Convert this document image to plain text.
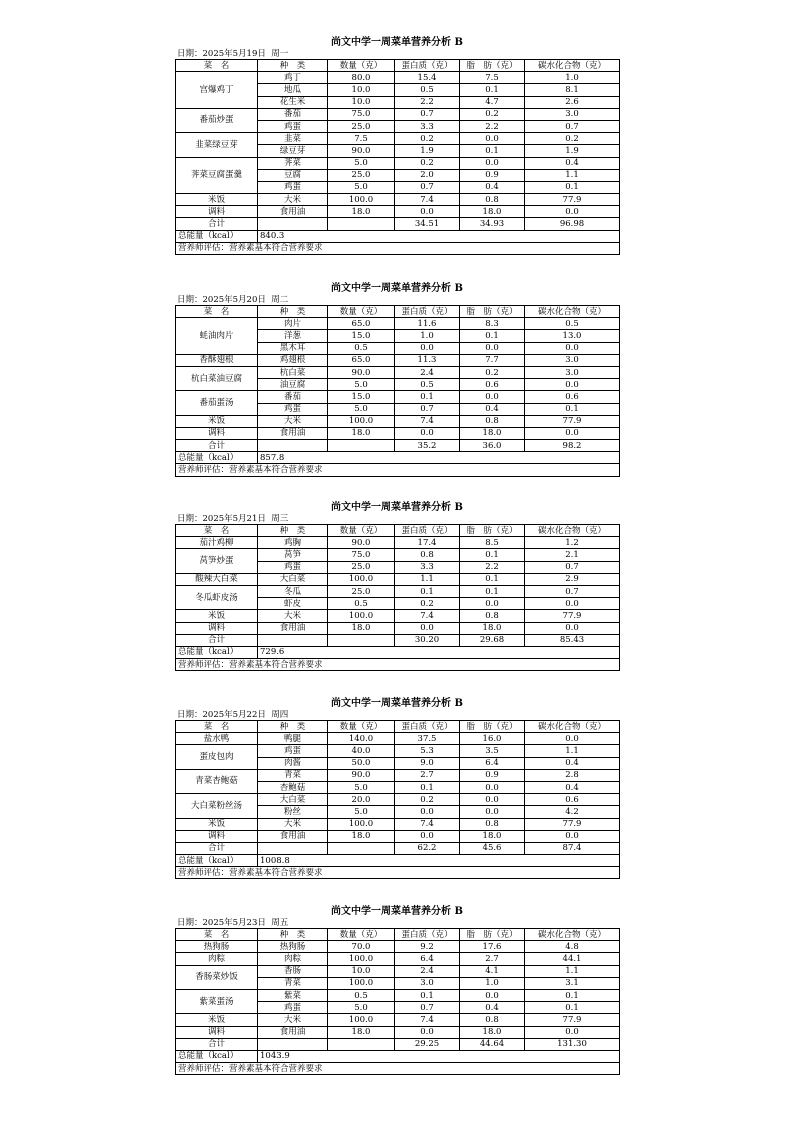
尚文中学一周菜单营养分析 B
日期：2025年5月19日  周一
菜　名	种　类	数量（克）	蛋白质（克）	脂　肪（克）	碳水化合物（克）
宫爆鸡丁	鸡丁	80.0	15.4	7.5	1.0
	地瓜	10.0	0.5	0.1	8.1
	花生米	10.0	2.2	4.7	2.6
番茄炒蛋	番茄	75.0	0.7	0.2	3.0
	鸡蛋	25.0	3.3	2.2	0.7
韭菜绿豆芽	韭菜	7.5	0.2	0.0	0.2
	绿豆芽	90.0	1.9	0.1	1.9
荠菜豆腐蛋羹	荠菜	5.0	0.2	0.0	0.4
	豆腐	25.0	2.0	0.9	1.1
	鸡蛋	5.0	0.7	0.4	0.1
米饭	大米	100.0	7.4	0.8	77.9
调料	食用油	18.0	0.0	18.0	0.0
合计			34.51	34.93	96.98
总能量（kcal）	840.3				
营养师评估：营养素基本符合营养要求					
尚文中学一周菜单营养分析 B
日期：2025年5月20日  周二
菜　名	种　类	数量（克）	蛋白质（克）	脂　肪（克）	碳水化合物（克）
蚝油肉片	肉片	65.0	11.6	8.3	0.5
	洋葱	15.0	1.0	0.1	13.0
	黑木耳	0.5	0.0	0.0	0.0
香酥翅根	鸡翅根	65.0	11.3	7.7	3.0
杭白菜油豆腐	杭白菜	90.0	2.4	0.2	3.0
	油豆腐	5.0	0.5	0.6	0.0
番茄蛋汤	番茄	15.0	0.1	0.0	0.6
	鸡蛋	5.0	0.7	0.4	0.1
米饭	大米	100.0	7.4	0.8	77.9
调料	食用油	18.0	0.0	18.0	0.0
合计			35.2	36.0	98.2
总能量（kcal）	857.8				
营养师评估：营养素基本符合营养要求					
尚文中学一周菜单营养分析 B
日期：2025年5月21日  周三
菜　名	种　类	数量（克）	蛋白质（克）	脂　肪（克）	碳水化合物（克）
茄汁鸡柳	鸡胸	90.0	17.4	8.5	1.2
莴笋炒蛋	莴笋	75.0	0.8	0.1	2.1
	鸡蛋	25.0	3.3	2.2	0.7
酸辣大白菜	大白菜	100.0	1.1	0.1	2.9
冬瓜虾皮汤	冬瓜	25.0	0.1	0.1	0.7
	虾皮	0.5	0.2	0.0	0.0
米饭	大米	100.0	7.4	0.8	77.9
调料	食用油	18.0	0.0	18.0	0.0
合计			30.20	29.68	85.43
总能量（kcal）	729.6				
营养师评估：营养素基本符合营养要求					
尚文中学一周菜单营养分析 B
日期：2025年5月22日  周四
菜　名	种　类	数量（克）	蛋白质（克）	脂　肪（克）	碳水化合物（克）
盐水鸭	鸭腿	140.0	37.5	16.0	0.0
蛋皮包肉	鸡蛋	40.0	5.3	3.5	1.1
	肉酱	50.0	9.0	6.4	0.4
青菜杏鲍菇	青菜	90.0	2.7	0.9	2.8
	杏鲍菇	5.0	0.1	0.0	0.4
大白菜粉丝汤	大白菜	20.0	0.2	0.0	0.6
	粉丝	5.0	0.0	0.0	4.2
米饭	大米	100.0	7.4	0.8	77.9
调料	食用油	18.0	0.0	18.0	0.0
合计			62.2	45.6	87.4
总能量（kcal）	1008.8				
营养师评估：营养素基本符合营养要求					
尚文中学一周菜单营养分析 B
日期：2025年5月23日  周五
菜　名	种　类	数量（克）	蛋白质（克）	脂　肪（克）	碳水化合物（克）
热狗肠	热狗肠	70.0	9.2	17.6	4.8
肉粽	肉粽	100.0	6.4	2.7	44.1
香肠菜炒饭	香肠	10.0	2.4	4.1	1.1
	青菜	100.0	3.0	1.0	3.1
紫菜蛋汤	紫菜	0.5	0.1	0.0	0.1
	鸡蛋	5.0	0.7	0.4	0.1
米饭	大米	100.0	7.4	0.8	77.9
调料	食用油	18.0	0.0	18.0	0.0
合计			29.25	44.64	131.30
总能量（kcal）	1043.9				
营养师评估：营养素基本符合营养要求					
